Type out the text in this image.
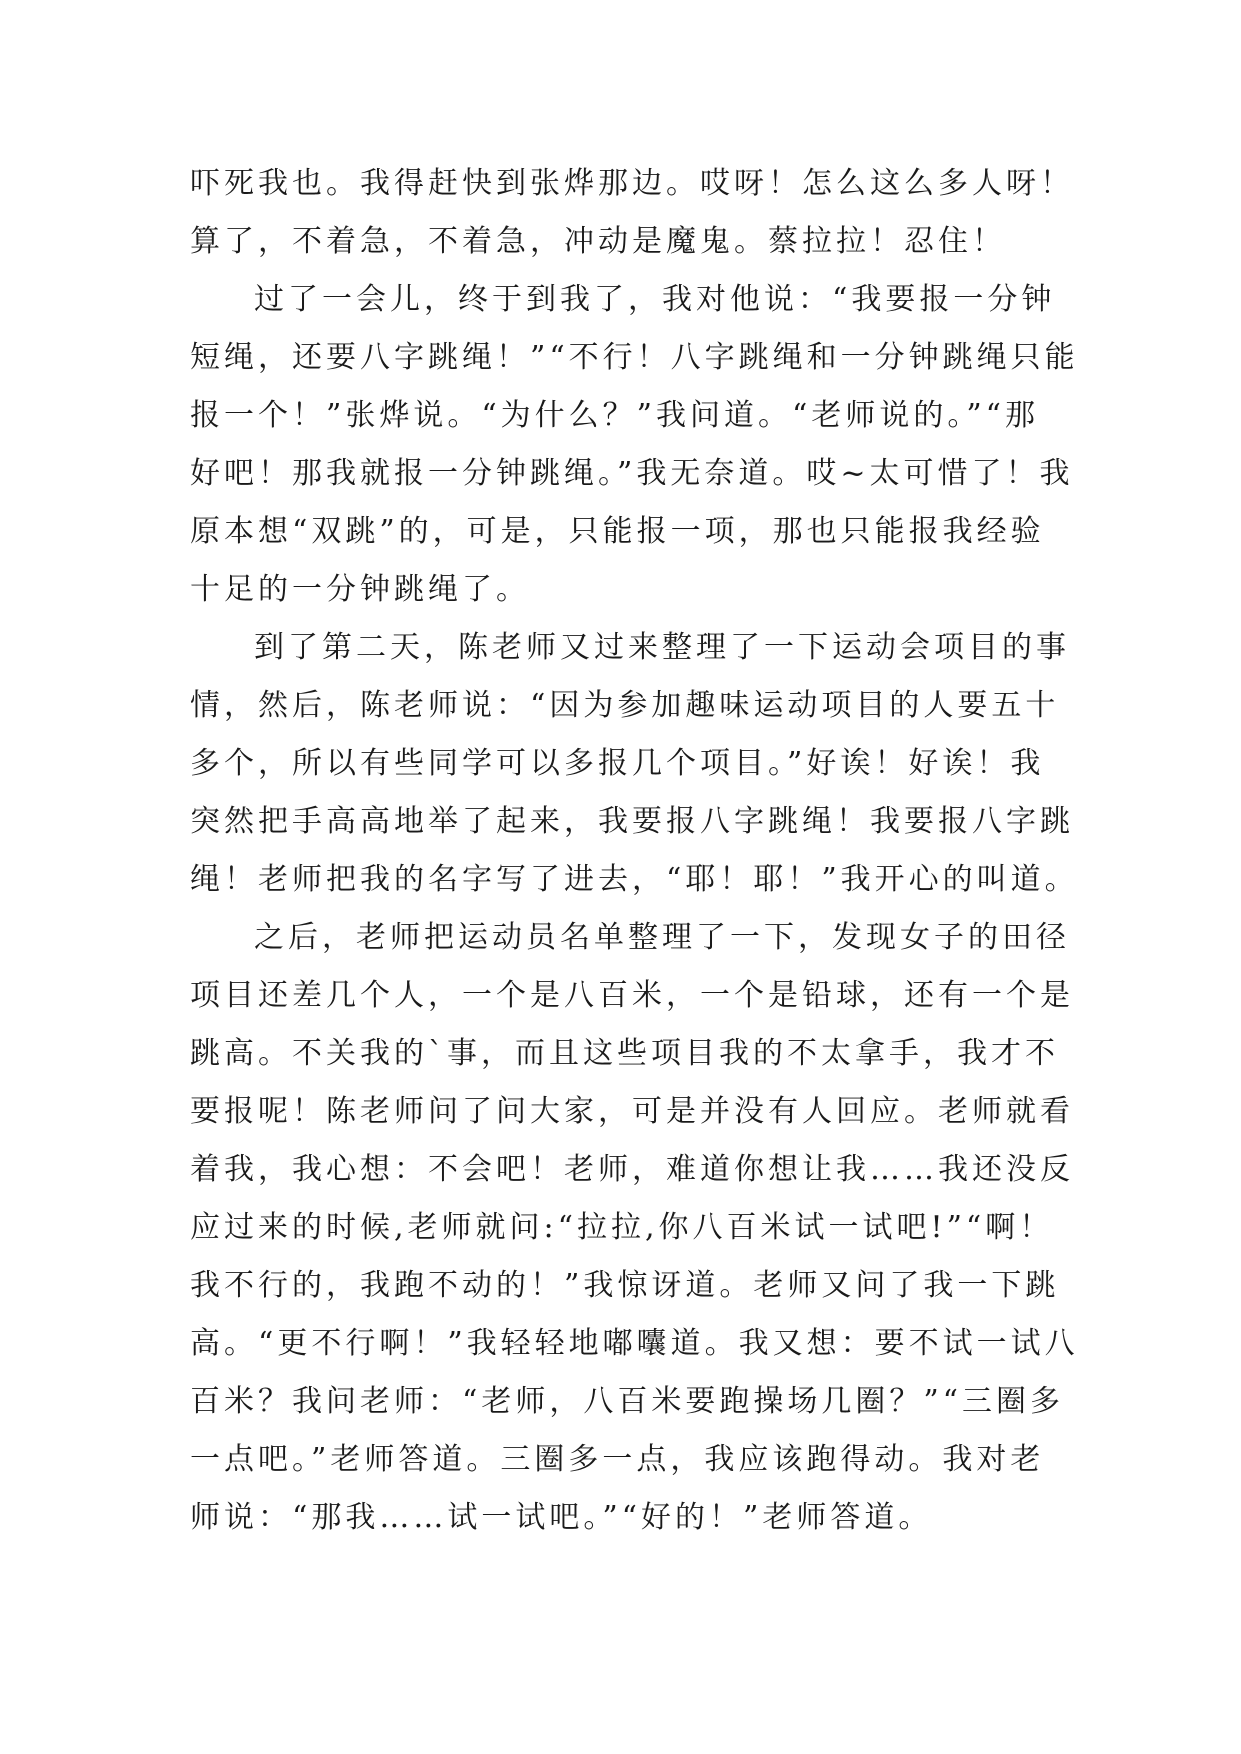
吓死我也。我得赶快到张烨那边。哎呀！怎么这么多人呀！
算了，不着急，不着急，冲动是魔鬼。蔡拉拉！忍住！
过了一会儿，终于到我了，我对他说：“我要报一分钟
短绳，还要八字跳绳！”“不行！八字跳绳和一分钟跳绳只能
报一个！”张烨说。“为什么？”我问道。“老师说的。”“那
好吧！那我就报一分钟跳绳。”我无奈道。哎~太可惜了！我
原本想“双跳”的，可是，只能报一项，那也只能报我经验
十足的一分钟跳绳了。
到了第二天，陈老师又过来整理了一下运动会项目的事
情，然后，陈老师说：“因为参加趣味运动项目的人要五十
多个，所以有些同学可以多报几个项目。”好诶！好诶！我
突然把手高高地举了起来，我要报八字跳绳！我要报八字跳
绳！老师把我的名字写了进去，“耶！耶！”我开心的叫道。
之后，老师把运动员名单整理了一下，发现女子的田径
项目还差几个人，一个是八百米，一个是铅球，还有一个是
跳高。不关我的`事，而且这些项目我的不太拿手，我才不
要报呢！陈老师问了问大家，可是并没有人回应。老师就看
着我，我心想：不会吧！老师，难道你想让我……我还没反
应过来的时候,老师就问:“拉拉,你八百米试一试吧!”“啊！
我不行的，我跑不动的！”我惊讶道。老师又问了我一下跳
高。“更不行啊！”我轻轻地嘟囔道。我又想：要不试一试八
百米？我问老师：“老师，八百米要跑操场几圈？”“三圈多
一点吧。”老师答道。三圈多一点，我应该跑得动。我对老
师说：“那我……试一试吧。”“好的！”老师答道。
